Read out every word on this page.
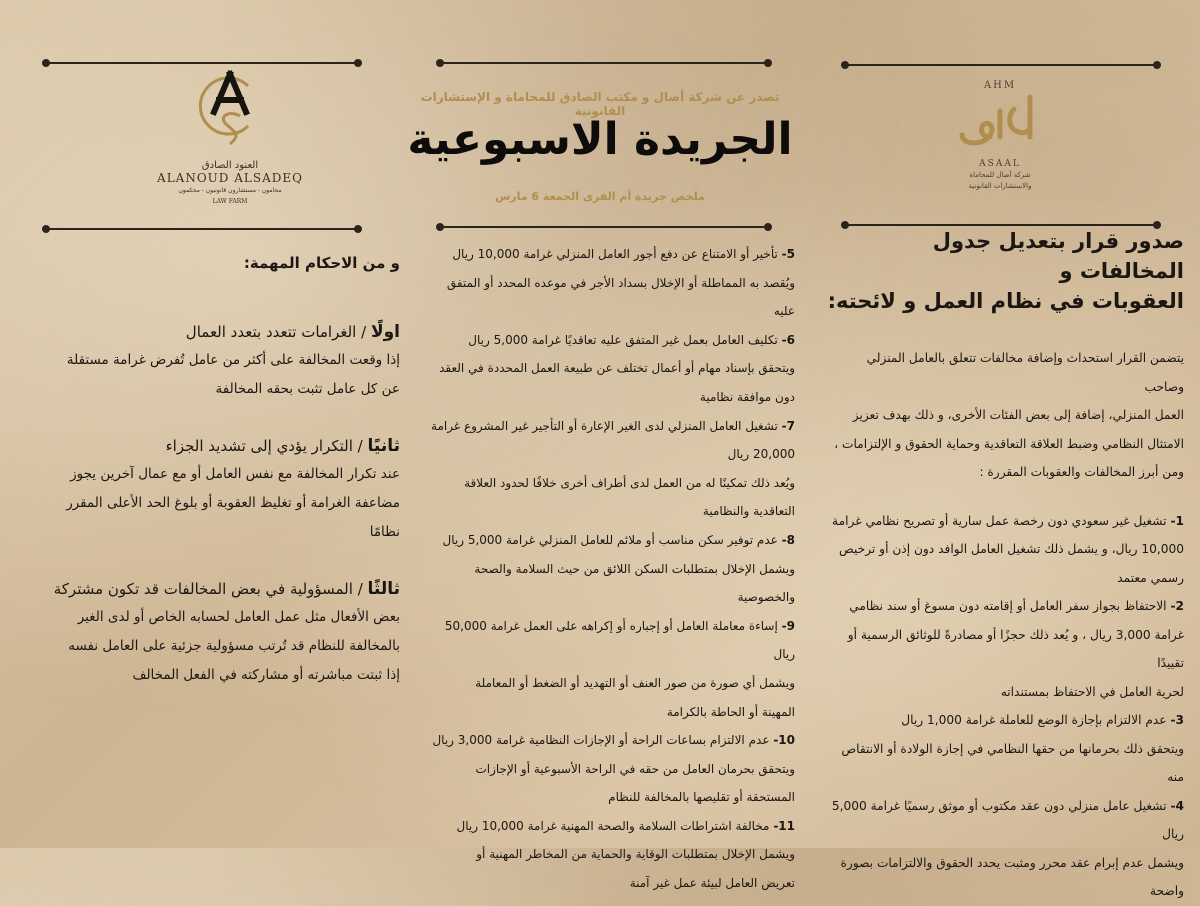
AHM
ASAAL
شركة أصال للمحاماة
والاستشارات القانونية
العنود الصادق
ALANOUD ALSADEQ
محامون - مستشارون قانونيون - محكمون
LAW FARM
تصدر عن شركة أصال و مكتب الصادق للمحاماة و الإستشارات القانونية
الجريدة الاسبوعية
ملخص جريدة أم القرى الجمعة 6 مارس
صدور قرار بتعديل جدول المخالفات و
العقوبات في نظام العمل و لائحته:

يتضمن القرار استحداث وإضافة مخالفات تتعلق بالعامل المنزلي وصاحب

العمل المنزلي، إضافة إلى بعض الفئات الأخرى، و ذلك بهدف تعزيز

الامتثال النظامي وضبط العلاقة التعاقدية وحماية الحقوق و الإلتزامات ،

ومن أبرز المخالفات والعقوبات المقررة :

1- تشغيل غير سعودي دون رخصة عمل سارية أو تصريح نظامي غرامة

10,000 ريال، و يشمل ذلك تشغيل العامل الوافد دون إذن أو ترخيص

رسمي معتمد

2- الاحتفاظ بجواز سفر العامل أو إقامته دون مسوغ أو سند نظامي

غرامة 3,000 ريال ، و يُعد ذلك حجزًا أو مصادرةً للوثائق الرسمية أو تقييدًا

لحرية العامل في الاحتفاظ بمستنداته

3- عدم الالتزام بإجازة الوضع للعاملة غرامة 1,000 ريال

ويتحقق ذلك بحرمانها من حقها النظامي في إجازة الولادة أو الانتقاص منه

4- تشغيل عامل منزلي دون عقد مكتوب أو موثق رسميًا غرامة 5,000

ريال

ويشمل عدم إبرام عقد محرر ومثبت يحدد الحقوق والالتزامات بصورة

واضحة

5- تأخير أو الامتناع عن دفع أجور العامل المنزلي غرامة 10,000 ريال

ويُقصد به المماطلة أو الإخلال بسداد الأجر في موعده المحدد أو المتفق

عليه

6- تكليف العامل بعمل غير المتفق عليه تعاقديًا غرامة 5,000 ريال

ويتحقق بإسناد مهام أو أعمال تختلف عن طبيعة العمل المحددة في العقد

دون موافقة نظامية

7- تشغيل العامل المنزلي لدى الغير الإعارة أو التأجير غير المشروع غرامة

20,000 ريال

ويُعد ذلك تمكينًا له من العمل لدى أطراف أخرى خلافًا لحدود العلاقة

التعاقدية والنظامية

8- عدم توفير سكن مناسب أو ملائم للعامل المنزلي غرامة 5,000 ريال

ويشمل الإخلال بمتطلبات السكن اللائق من حيث السلامة والصحة

والخصوصية

9- إساءة معاملة العامل أو إجباره أو إكراهه على العمل غرامة 50,000 ريال

ويشمل أي صورة من صور العنف أو التهديد أو الضغط أو المعاملة

المهينة أو الحاطة بالكرامة

10- عدم الالتزام بساعات الراحة أو الإجازات النظامية غرامة 3,000 ريال

ويتحقق بحرمان العامل من حقه في الراحة الأسبوعية أو الإجازات

المستحقة أو تقليصها بالمخالفة للنظام

11- مخالفة اشتراطات السلامة والصحة المهنية غرامة 10,000 ريال

ويشمل الإخلال بمتطلبات الوقاية والحماية من المخاطر المهنية أو

تعريض العامل لبيئة عمل غير آمنة

و من الاحكام المهمة:

اولًا / الغرامات تتعدد بتعدد العمال

إذا وقعت المخالفة على أكثر من عامل تُفرض غرامة مستقلة
عن كل عامل تثبت بحقه المخالفة

ثانيًا / التكرار يؤدي إلى تشديد الجزاء

عند تكرار المخالفة مع نفس العامل أو مع عمال آخرين يجوز
مضاعفة الغرامة أو تغليظ العقوبة أو بلوغ الحد الأعلى المقرر
نظامًا

ثالثًا / المسؤولية في بعض المخالفات قد تكون مشتركة

بعض الأفعال مثل عمل العامل لحسابه الخاص أو لدى الغير
بالمخالفة للنظام قد تُرتب مسؤولية جزئية على العامل نفسه
إذا ثبتت مباشرته أو مشاركته في الفعل المخالف
